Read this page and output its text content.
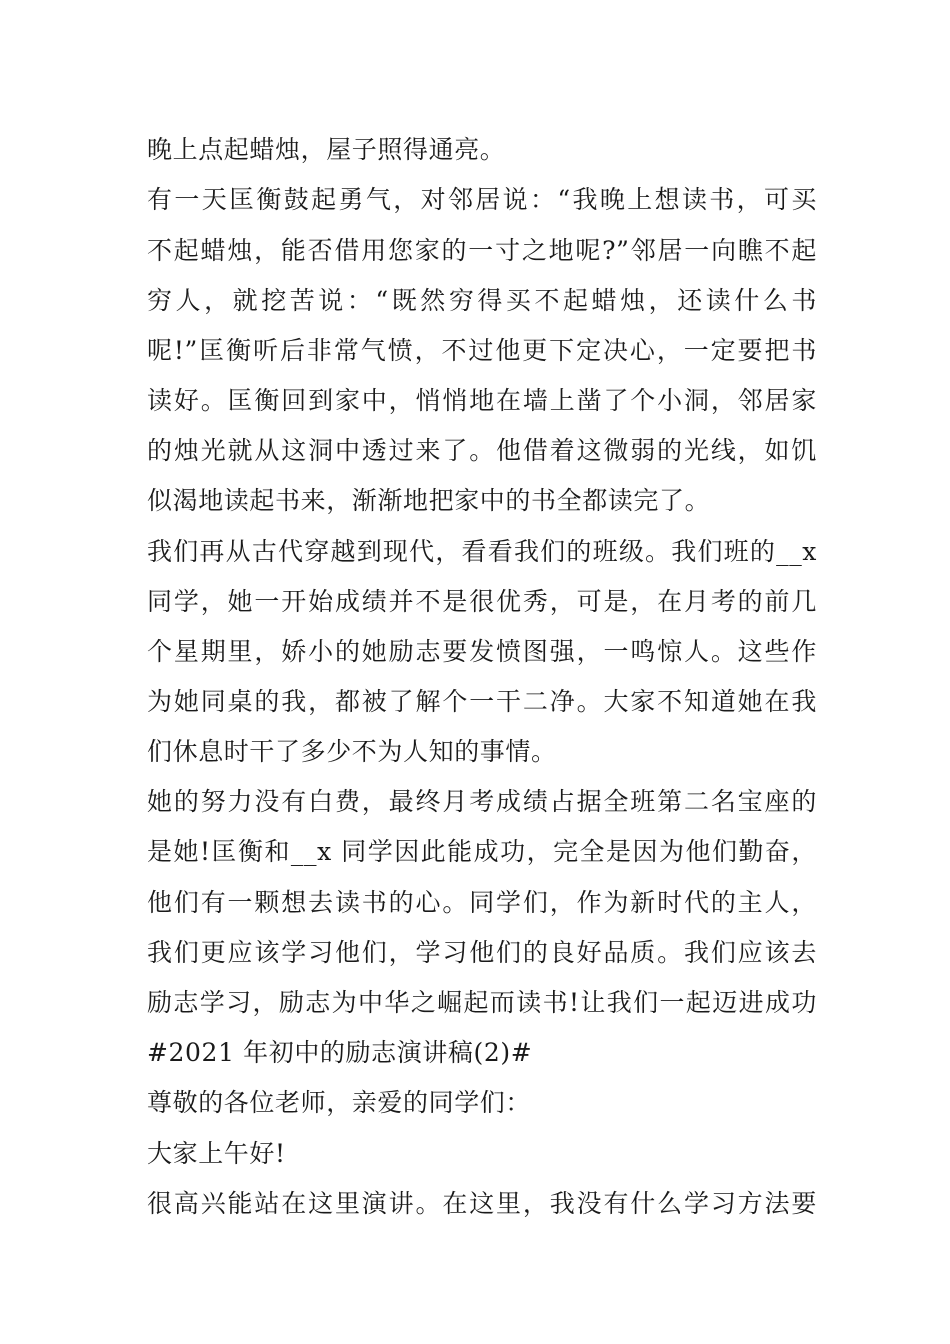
晚上点起蜡烛，屋子照得通亮。
有一天匡衡鼓起勇气，对邻居说：“我晚上想读书，可买
不起蜡烛，能否借用您家的一寸之地呢?”邻居一向瞧不起
穷人，就挖苦说：“既然穷得买不起蜡烛，还读什么书
呢!”匡衡听后非常气愤，不过他更下定决心，一定要把书
读好。匡衡回到家中，悄悄地在墙上凿了个小洞，邻居家
的烛光就从这洞中透过来了。他借着这微弱的光线，如饥
似渴地读起书来，渐渐地把家中的书全都读完了。
我们再从古代穿越到现代，看看我们的班级。我们班的__x
同学，她一开始成绩并不是很优秀，可是，在月考的前几
个星期里，娇小的她励志要发愤图强，一鸣惊人。这些作
为她同桌的我，都被了解个一干二净。大家不知道她在我
们休息时干了多少不为人知的事情。
她的努力没有白费，最终月考成绩占据全班第二名宝座的
是她!匡衡和__x 同学因此能成功，完全是因为他们勤奋，
他们有一颗想去读书的心。同学们，作为新时代的主人，
我们更应该学习他们，学习他们的良好品质。我们应该去
励志学习，励志为中华之崛起而读书!让我们一起迈进成功
#2021 年初中的励志演讲稿(2)#
尊敬的各位老师，亲爱的同学们：
大家上午好!
很高兴能站在这里演讲。在这里，我没有什么学习方法要
